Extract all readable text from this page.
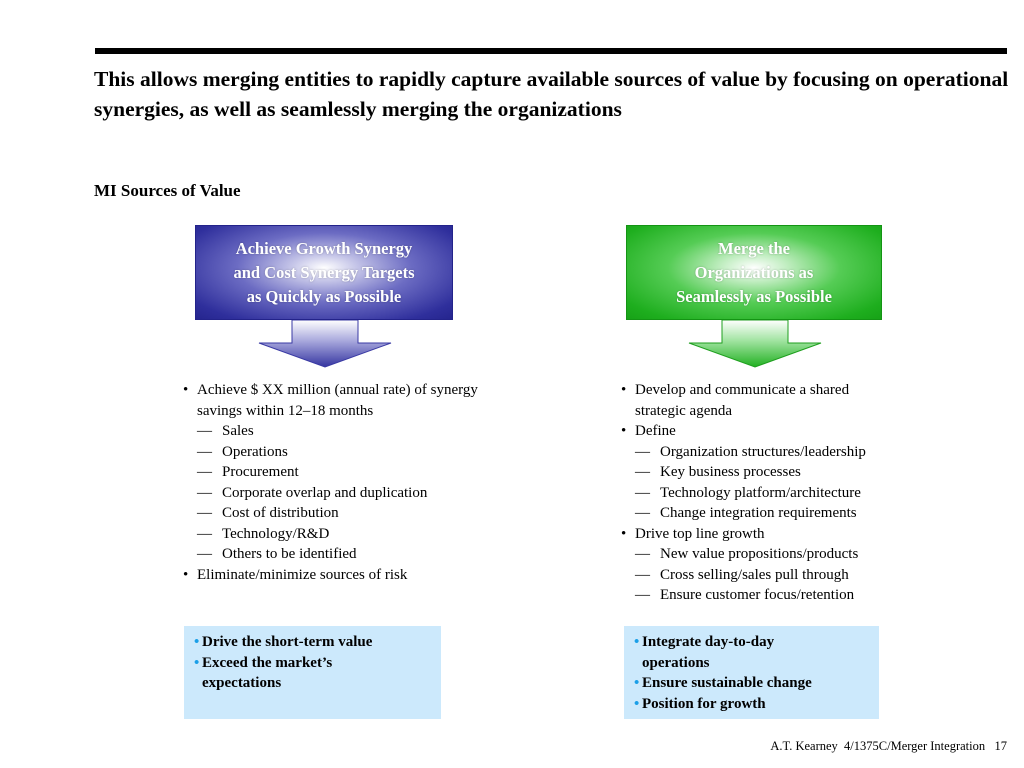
This allows merging entities to rapidly capture available sources of value by focusing on operational synergies, as well as seamlessly merging the organizations
MI Sources of Value
Achieve Growth Synergy
and Cost Synergy Targets
as Quickly as Possible
• Achieve $ XX million (annual rate) of synergy savings within 12–18 months
— Sales
— Operations
— Procurement
— Corporate overlap and duplication
— Cost of distribution
— Technology/R&D
— Others to be identified
• Eliminate/minimize sources of risk
• Drive the short-term value
• Exceed the market’s expectations
Merge the
Organizations as
Seamlessly as Possible
• Develop and communicate a shared strategic agenda
• Define
— Organization structures/leadership
— Key business processes
— Technology platform/architecture
— Change integration requirements
• Drive top line growth
— New value propositions/products
— Cross selling/sales pull through
— Ensure customer focus/retention
• Integrate day-to-day operations
• Ensure sustainable change
• Position for growth
A.T. Kearney  4/1375C/Merger Integration 17
